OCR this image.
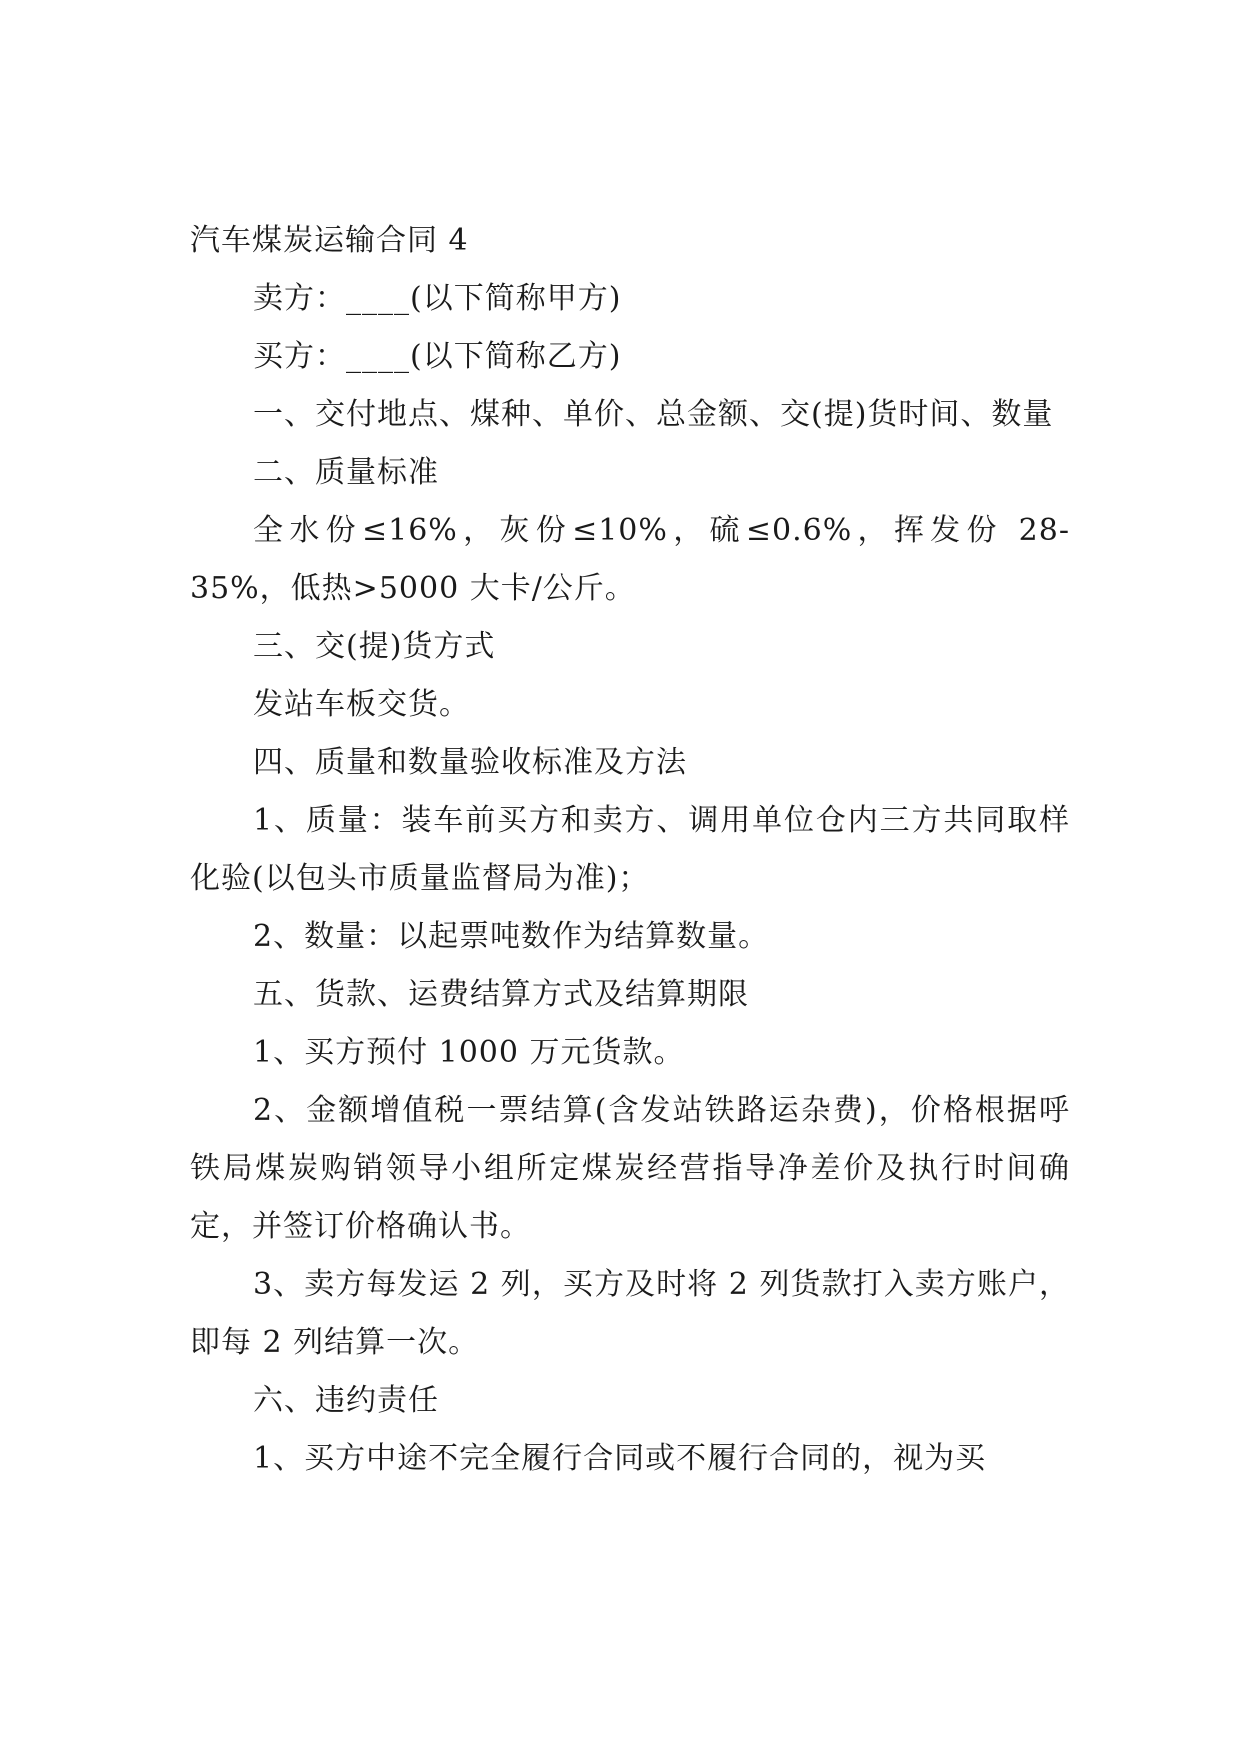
汽车煤炭运输合同 4

卖方：____(以下简称甲方)

买方：____(以下简称乙方)

一、交付地点、煤种、单价、总金额、交(提)货时间、数量

二、质量标准

全水份≤16%，灰份≤10%，硫≤0.6%，挥发份 28-35%，低热>5000 大卡/公斤。

三、交(提)货方式

发站车板交货。

四、质量和数量验收标准及方法

1、质量：装车前买方和卖方、调用单位仓内三方共同取样化验(以包头市质量监督局为准)；

2、数量：以起票吨数作为结算数量。

五、货款、运费结算方式及结算期限

1、买方预付 1000 万元货款。

2、金额增值税一票结算(含发站铁路运杂费)，价格根据呼铁局煤炭购销领导小组所定煤炭经营指导净差价及执行时间确定，并签订价格确认书。

3、卖方每发运 2 列，买方及时将 2 列货款打入卖方账户，即每 2 列结算一次。

六、违约责任

1、买方中途不完全履行合同或不履行合同的，视为买
